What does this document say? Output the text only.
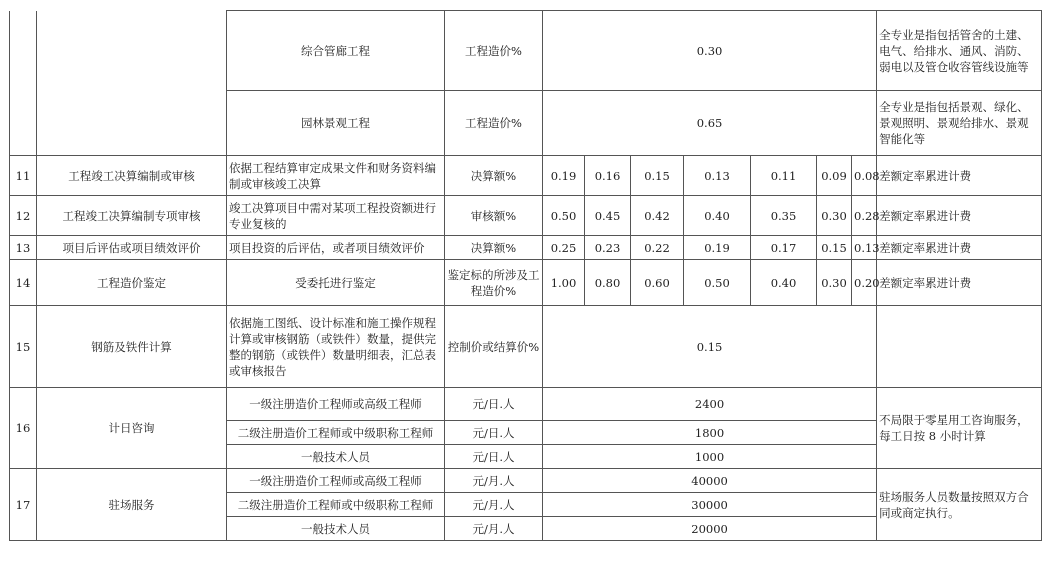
		综合管廊工程	工程造价%	0.30							全专业是指包括管舍的土建、电气、给排水、通风、消防、弱电以及管仓收容管线设施等
		园林景观工程	工程造价%	0.65							全专业是指包括景观、绿化、景观照明、景观给排水、景观智能化等
11	工程竣工决算编制或审核	依据工程结算审定成果文件和财务资料编制或审核竣工决算	决算额%	0.19	0.16	0.15	0.13	0.11	0.09	0.08	差额定率累进计费
12	工程竣工决算编制专项审核	竣工决算项目中需对某项工程投资额进行专业复核的	审核额%	0.50	0.45	0.42	0.40	0.35	0.30	0.28	差额定率累进计费
13	项目后评估或项目绩效评价	项目投资的后评估，或者项目绩效评价	决算额%	0.25	0.23	0.22	0.19	0.17	0.15	0.13	差额定率累进计费
14	工程造价鉴定	受委托进行鉴定	鉴定标的所涉及工程造价%	1.00	0.80	0.60	0.50	0.40	0.30	0.20	差额定率累进计费
15	钢筋及铁件计算	依据施工图纸、设计标准和施工操作规程计算或审核钢筋（或铁件）数量，提供完整的钢筋（或铁件）数量明细表，汇总表或审核报告	控制价或结算价%	0.15							
16	计日咨询	一级注册造价工程师或高级工程师	元/日.人	2400							不局限于零星用工咨询服务，每工日按 8 小时计算
		二级注册造价工程师或中级职称工程师	元/日.人	1800							
		一般技术人员	元/日.人	1000							
17	驻场服务	一级注册造价工程师或高级工程师	元/月.人	40000							驻场服务人员数量按照双方合同或商定执行。
		二级注册造价工程师或中级职称工程师	元/月.人	30000							
		一般技术人员	元/月.人	20000							
